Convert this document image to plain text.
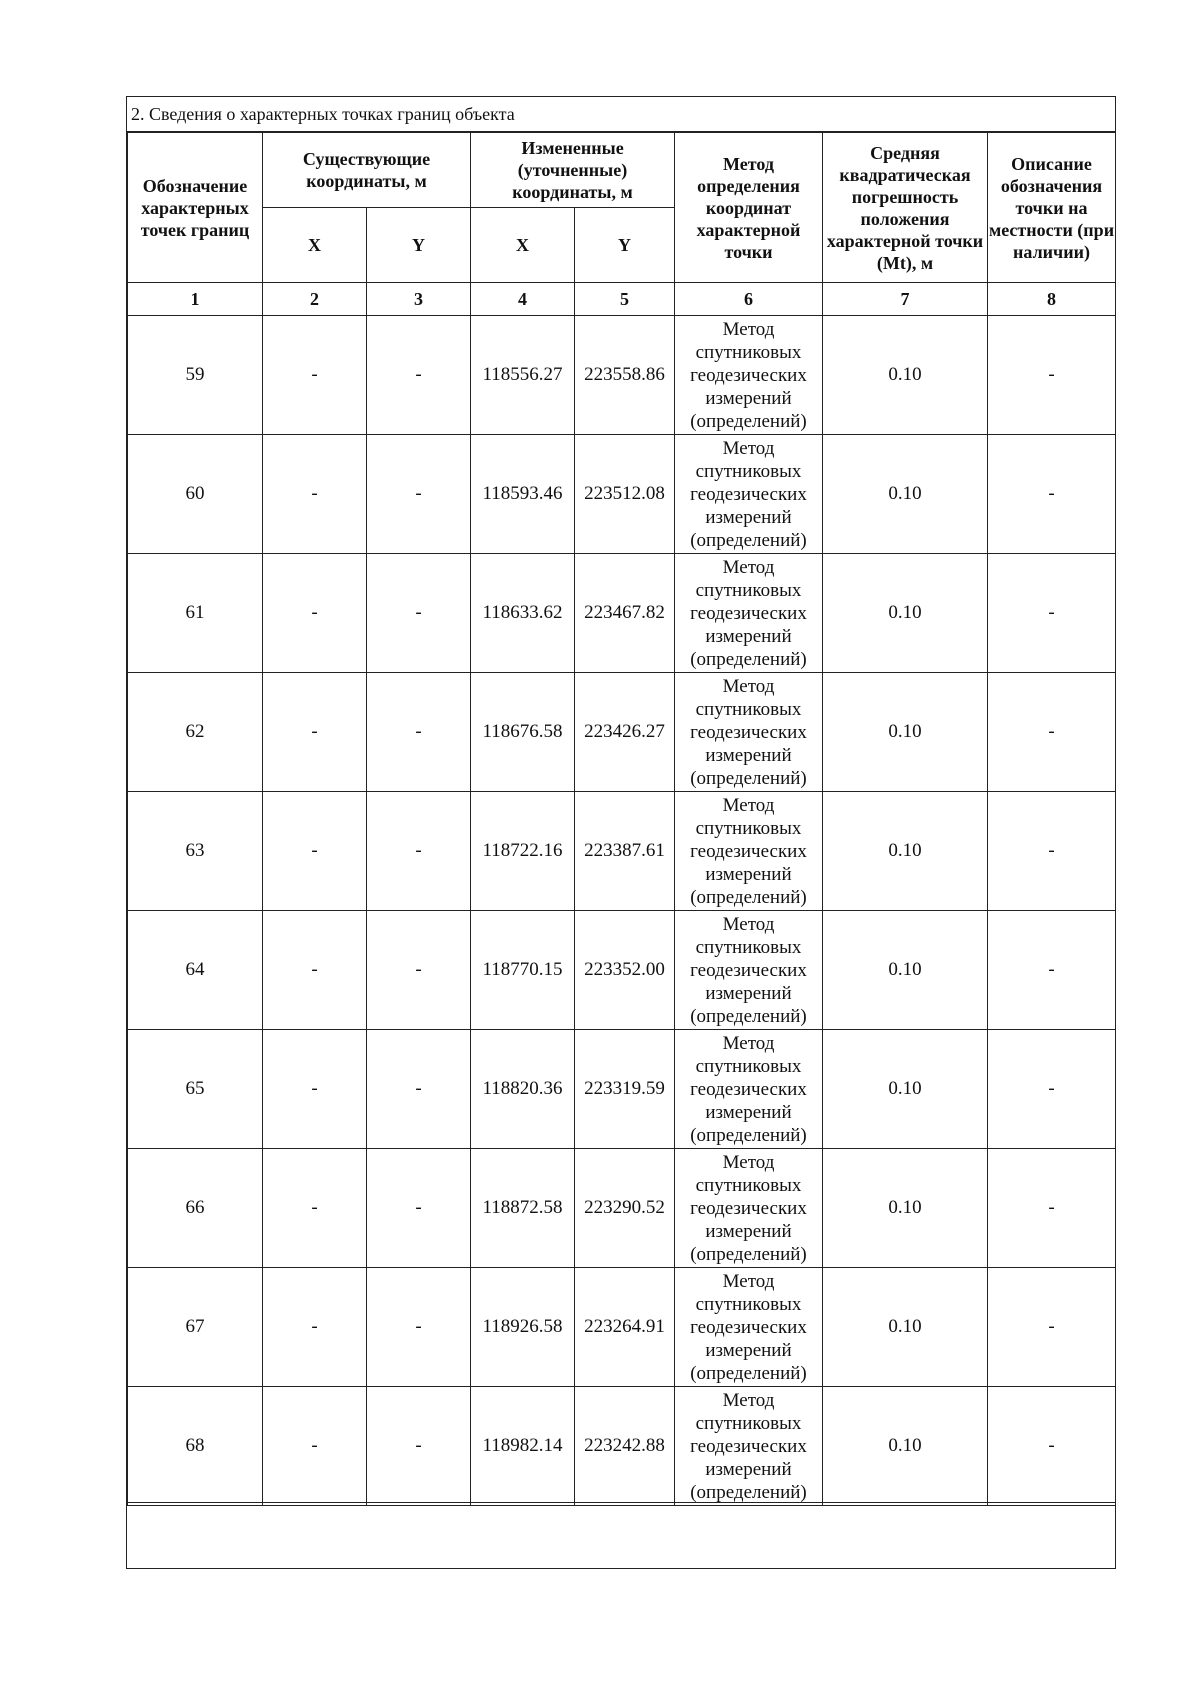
2. Сведения о характерных точках границ объекта
Обозначение характерных точек границ	Существующие координаты, м		Измененные (уточненные) координаты, м		Метод определения координат характерной точки	Средняя квадратическая погрешность положения характерной точки (Mt), м	Описание обозначения точки на местности (при наличии)
	X	Y	X	Y			
1	2	3	4	5	6	7	8
59	-	-	118556.27	223558.86	Метод спутниковых геодезических измерений (определений)	0.10	-
60	-	-	118593.46	223512.08	Метод спутниковых геодезических измерений (определений)	0.10	-
61	-	-	118633.62	223467.82	Метод спутниковых геодезических измерений (определений)	0.10	-
62	-	-	118676.58	223426.27	Метод спутниковых геодезических измерений (определений)	0.10	-
63	-	-	118722.16	223387.61	Метод спутниковых геодезических измерений (определений)	0.10	-
64	-	-	118770.15	223352.00	Метод спутниковых геодезических измерений (определений)	0.10	-
65	-	-	118820.36	223319.59	Метод спутниковых геодезических измерений (определений)	0.10	-
66	-	-	118872.58	223290.52	Метод спутниковых геодезических измерений (определений)	0.10	-
67	-	-	118926.58	223264.91	Метод спутниковых геодезических измерений (определений)	0.10	-
68	-	-	118982.14	223242.88	Метод спутниковых геодезических измерений (определений)	0.10	-
